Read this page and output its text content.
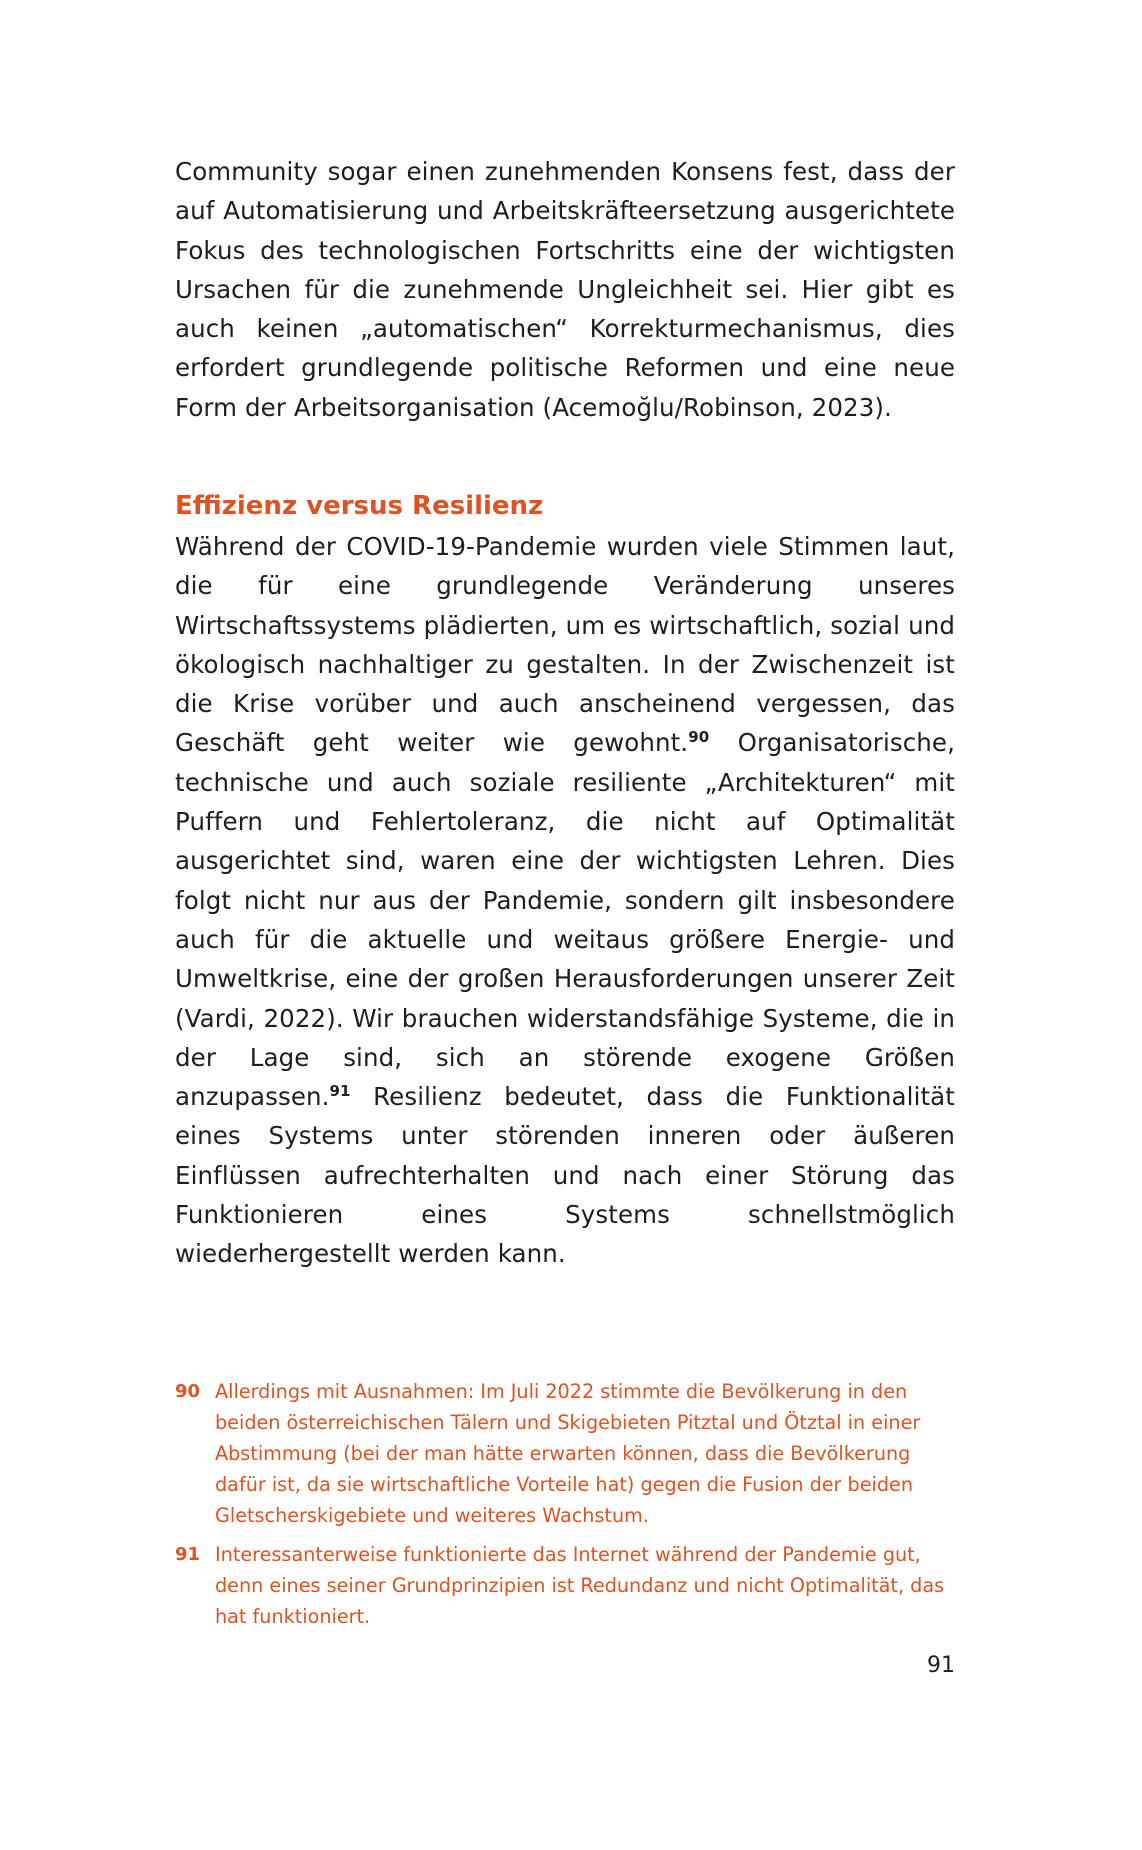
Community sogar einen zunehmenden Konsens fest, dass der auf Automatisierung und Arbeitskräfteersetzung ausgerichtete Fokus des technologischen Fortschritts eine der wichtigsten Ursachen für die zunehmende Ungleichheit sei. Hier gibt es auch keinen „automatischen“ Korrekturmechanismus, dies erfordert grundlegende politische Reformen und eine neue Form der Arbeitsorganisation (Acemoğlu/Robinson, 2023).

Effizienz versus Resilienz

Während der COVID-19-Pandemie wurden viele Stimmen laut, die für eine grundlegende Veränderung unseres Wirtschaftssystems plädierten, um es wirtschaftlich, sozial und ökologisch nachhaltiger zu gestalten. In der Zwischenzeit ist die Krise vorüber und auch anscheinend vergessen, das Geschäft geht weiter wie gewohnt.$^{90}$ Organisatorische, technische und auch soziale resiliente „Architekturen“ mit Puffern und Fehlertoleranz, die nicht auf Optimalität ausgerichtet sind, waren eine der wichtigsten Lehren. Dies folgt nicht nur aus der Pandemie, sondern gilt insbesondere auch für die aktuelle und weitaus größere Energie- und Umweltkrise, eine der großen Herausforderungen unserer Zeit (Vardi, 2022). Wir brauchen widerstandsfähige Systeme, die in der Lage sind, sich an störende exogene Größen anzupassen.$^{91}$ Resilienz bedeutet, dass die Funktionalität eines Systems unter störenden inneren oder äußeren Einflüssen aufrechterhalten und nach einer Störung das Funktionieren eines Systems schnellstmöglich wiederhergestellt werden kann.

90 Allerdings mit Ausnahmen: Im Juli 2022 stimmte die Bevölkerung in den beiden österreichischen Tälern und Skigebieten Pitztal und Ötztal in einer Abstimmung (bei der man hätte erwarten können, dass die Bevölkerung dafür ist, da sie wirtschaftliche Vorteile hat) gegen die Fusion der beiden Gletscherskigebiete und weiteres Wachstum.

91 Interessanterweise funktionierte das Internet während der Pandemie gut, denn eines seiner Grundprinzipien ist Redundanz und nicht Optimalität, das hat funktioniert.

91
